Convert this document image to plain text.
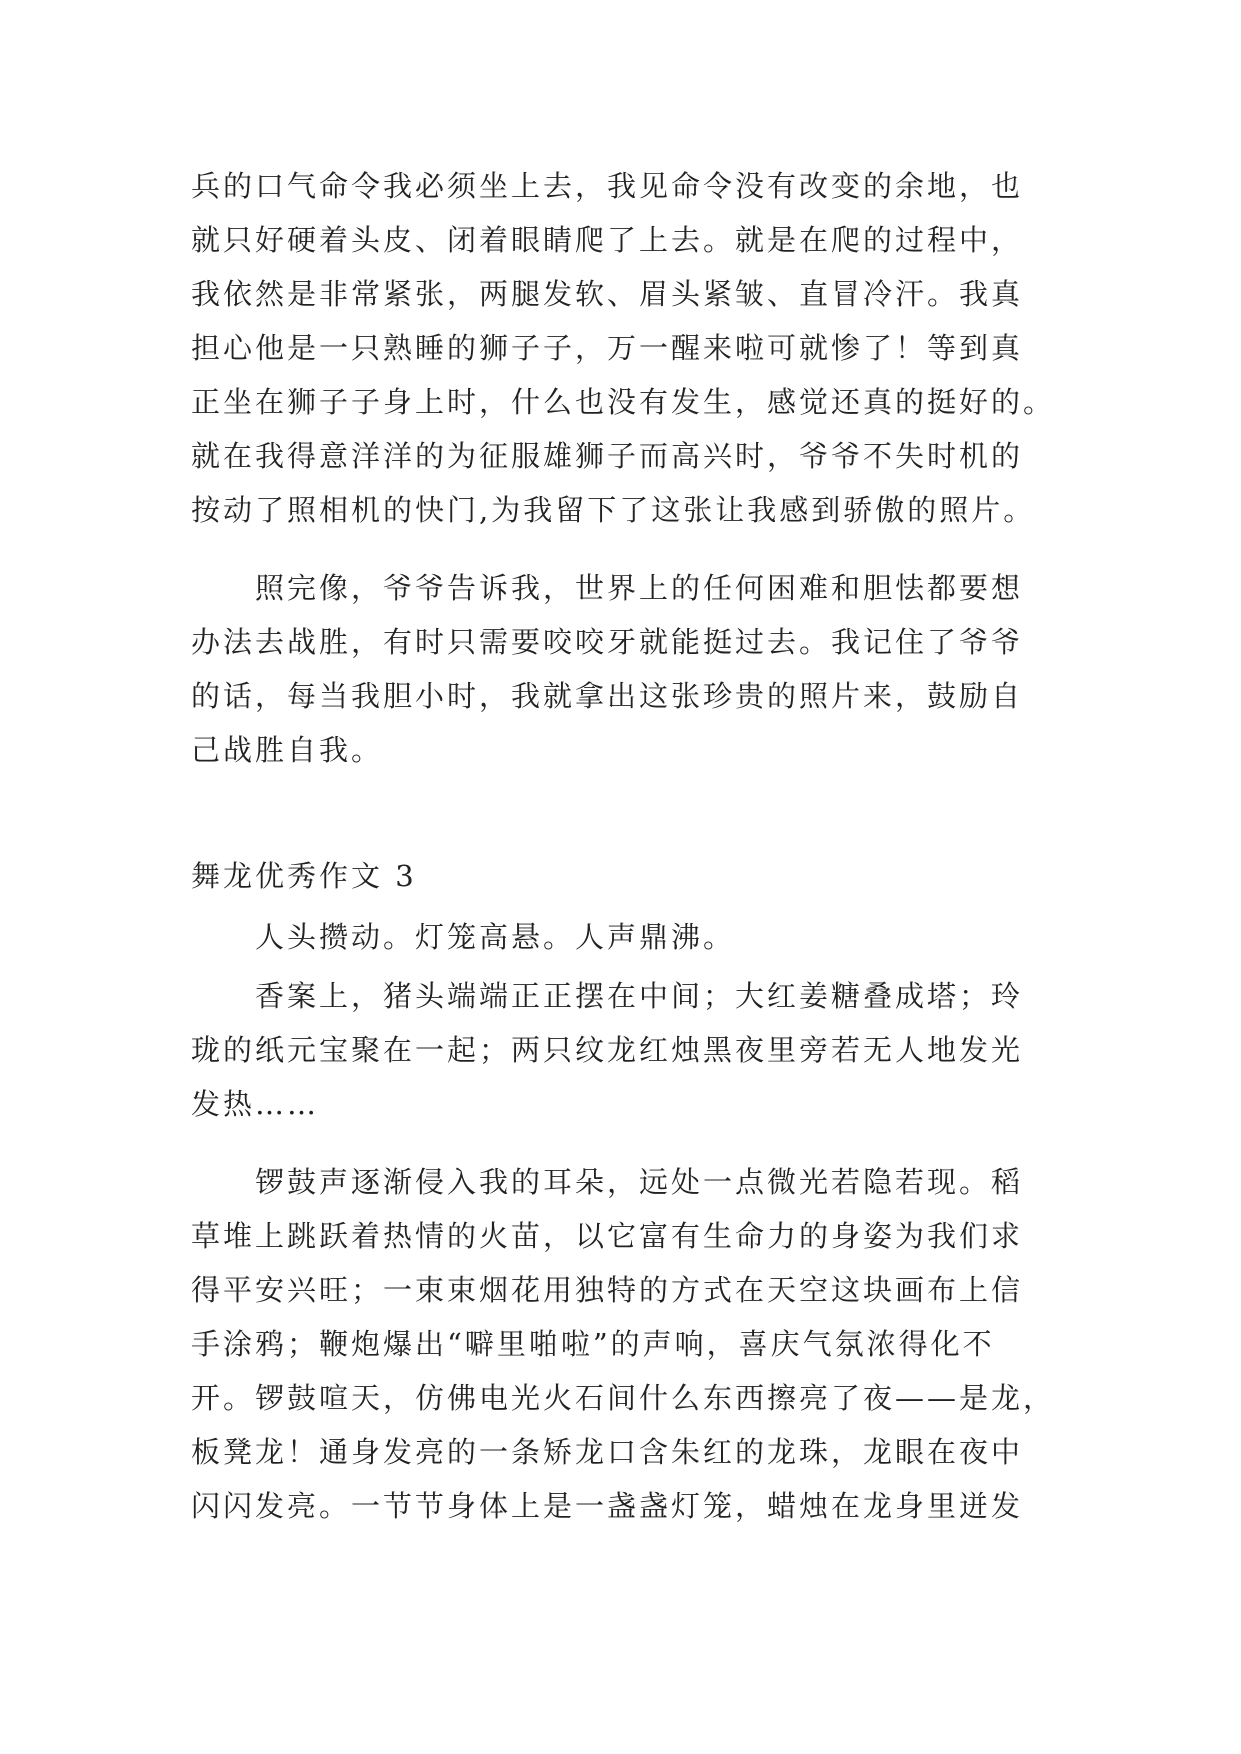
兵的口气命令我必须坐上去，我见命令没有改变的余地，也
就只好硬着头皮、闭着眼睛爬了上去。就是在爬的过程中，
我依然是非常紧张，两腿发软、眉头紧皱、直冒冷汗。我真
担心他是一只熟睡的狮子子，万一醒来啦可就惨了！等到真
正坐在狮子子身上时，什么也没有发生，感觉还真的挺好的。
就在我得意洋洋的为征服雄狮子而高兴时，爷爷不失时机的
按动了照相机的快门,为我留下了这张让我感到骄傲的照片。
照完像，爷爷告诉我，世界上的任何困难和胆怯都要想
办法去战胜，有时只需要咬咬牙就能挺过去。我记住了爷爷
的话，每当我胆小时，我就拿出这张珍贵的照片来，鼓励自
己战胜自我。
舞龙优秀作文 3
人头攒动。灯笼高悬。人声鼎沸。
香案上，猪头端端正正摆在中间；大红姜糖叠成塔；玲
珑的纸元宝聚在一起；两只纹龙红烛黑夜里旁若无人地发光
发热……
锣鼓声逐渐侵入我的耳朵，远处一点微光若隐若现。稻
草堆上跳跃着热情的火苗，以它富有生命力的身姿为我们求
得平安兴旺；一束束烟花用独特的方式在天空这块画布上信
手涂鸦；鞭炮爆出“噼里啪啦”的声响，喜庆气氛浓得化不
开。锣鼓喧天，仿佛电光火石间什么东西擦亮了夜——是龙，
板凳龙！通身发亮的一条矫龙口含朱红的龙珠，龙眼在夜中
闪闪发亮。一节节身体上是一盏盏灯笼，蜡烛在龙身里迸发
